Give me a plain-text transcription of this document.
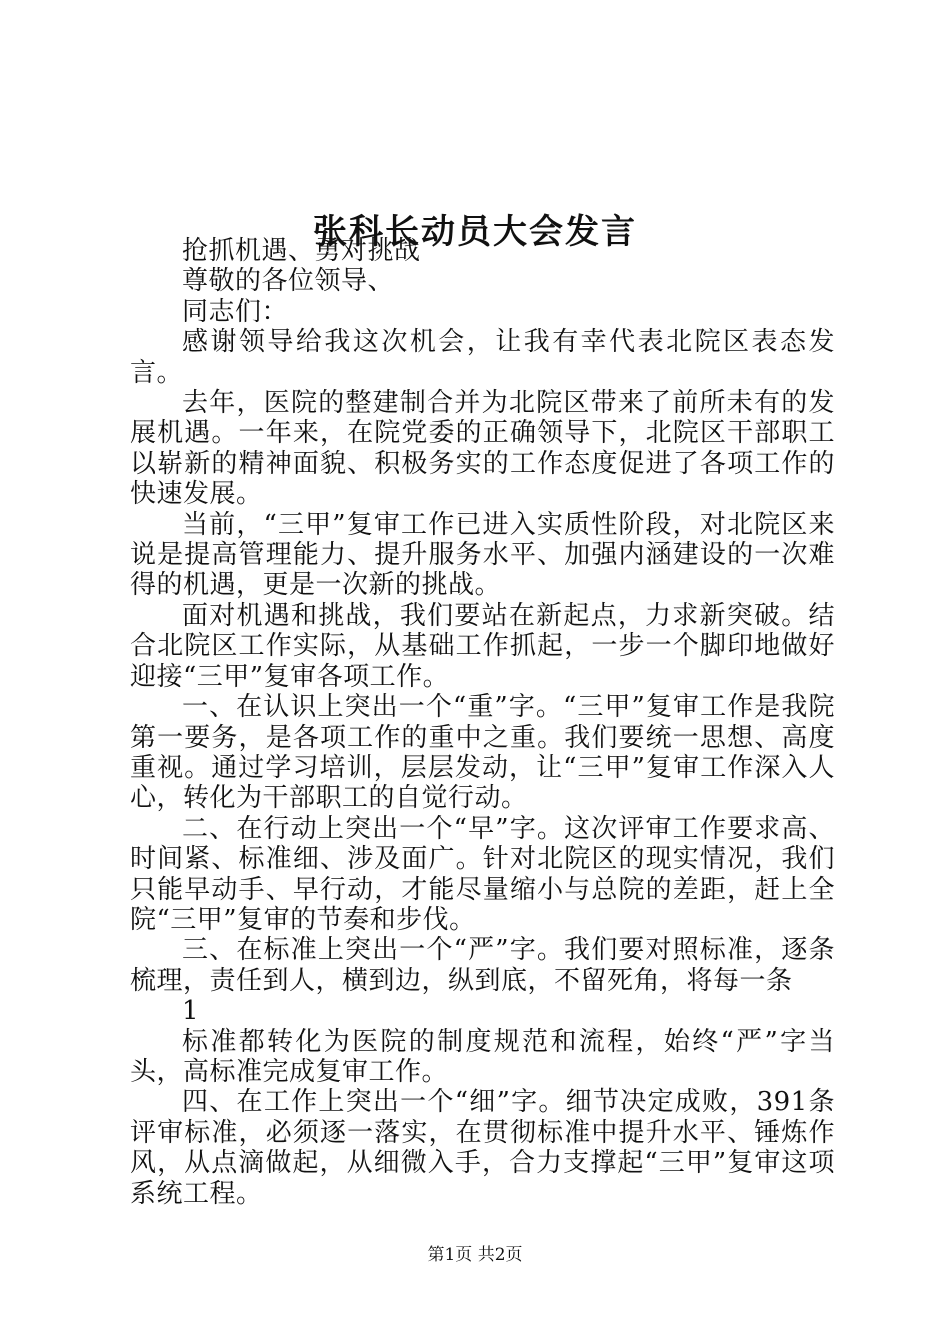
张科长动员大会发言

抢抓机遇、勇对挑战

尊敬的各位领导、

同志们：

感谢领导给我这次机会，让我有幸代表北院区表态发言。

去年，医院的整建制合并为北院区带来了前所未有的发展机遇。一年来，在院党委的正确领导下，北院区干部职工以崭新的精神面貌、积极务实的工作态度促进了各项工作的快速发展。

当前，“三甲”复审工作已进入实质性阶段，对北院区来说是提高管理能力、提升服务水平、加强内涵建设的一次难得的机遇，更是一次新的挑战。

面对机遇和挑战，我们要站在新起点，力求新突破。结合北院区工作实际，从基础工作抓起，一步一个脚印地做好迎接“三甲”复审各项工作。

一、在认识上突出一个“重”字。“三甲”复审工作是我院第一要务，是各项工作的重中之重。我们要统一思想、高度重视。通过学习培训，层层发动，让“三甲”复审工作深入人心，转化为干部职工的自觉行动。

二、在行动上突出一个“早”字。这次评审工作要求高、时间紧、标准细、涉及面广。针对北院区的现实情况，我们只能早动手、早行动，才能尽量缩小与总院的差距，赶上全院“三甲”复审的节奏和步伐。

三、在标准上突出一个“严”字。我们要对照标准，逐条梳理，责任到人，横到边，纵到底，不留死角，将每一条

1

标准都转化为医院的制度规范和流程，始终“严”字当头，高标准完成复审工作。

四、在工作上突出一个“细”字。细节决定成败，391条评审标准，必须逐一落实，在贯彻标准中提升水平、锤炼作风，从点滴做起，从细微入手，合力支撑起“三甲”复审这项系统工程。

第1页 共2页
